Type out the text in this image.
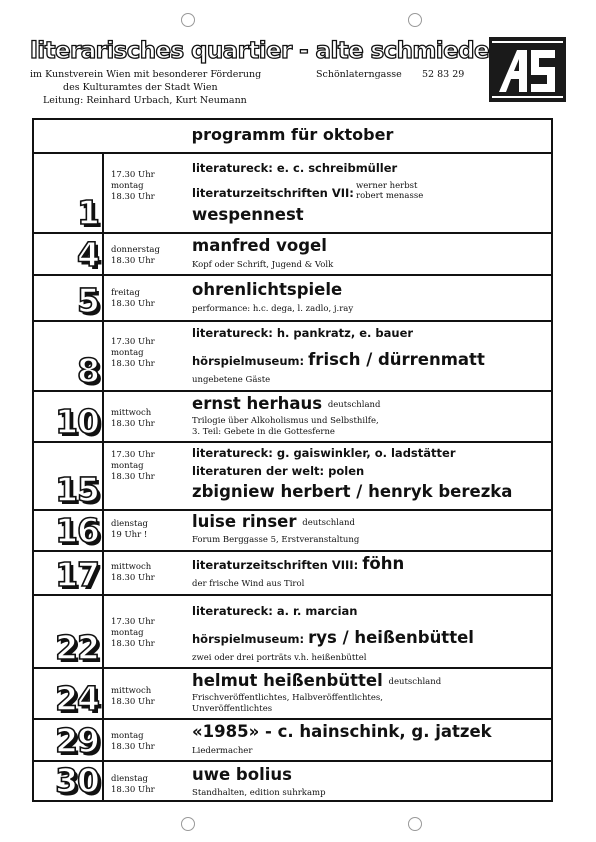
literarisches quartier - alte schmiede
im Kunstverein Wien mit besonderer Förderung
des Kulturamtes der Stadt Wien
Leitung: Reinhard Urbach, Kurt Neumann
Schönlaterngasse 52 83 29
programm für oktober
1
17.30 Uhr
montag
18.30 Uhr
literatureck: e. c. schreibmüller
literaturzeitschriften VII: werner herbst
robert menasse
wespennest
4 donnerstag
18.30 Uhr
manfred vogel
Kopf oder Schrift, Jugend & Volk
5 freitag
18.30 Uhr
ohrenlichtspiele
performance: h.c. dega, l. zadlo, j.ray
8
17.30 Uhr
montag
18.30 Uhr
literatureck: h. pankratz, e. bauer
hörspielmuseum: frisch / dürrenmatt
ungebetene Gäste
10 mittwoch
18.30 Uhr
ernst herhaus deutschland
Trilogie über Alkoholismus und Selbsthilfe,
3. Teil: Gebete in die Gottesferne
15
17.30 Uhr
montag
18.30 Uhr
literatureck: g. gaiswinkler, o. ladstätter
literaturen der welt: polen
zbigniew herbert / henryk berezka
16 dienstag
19 Uhr !
luise rinser deutschland
Forum Berggasse 5, Erstveranstaltung
17 mittwoch
18.30 Uhr
literaturzeitschriften VIII: föhn
der frische Wind aus Tirol
22
17.30 Uhr
montag
18.30 Uhr
literatureck: a. r. marcian
hörspielmuseum: rys / heißenbüttel
zwei oder drei porträts v.h. heißenbüttel
24 mittwoch
18.30 Uhr
helmut heißenbüttel deutschland
Frischveröffentlichtes, Halbveröffentlichtes,
Unveröffentlichtes
29 montag
18.30 Uhr
«1985» - c. hainschink, g. jatzek
Liedermacher
30 dienstag
18.30 Uhr
uwe bolius
Standhalten, edition suhrkamp
